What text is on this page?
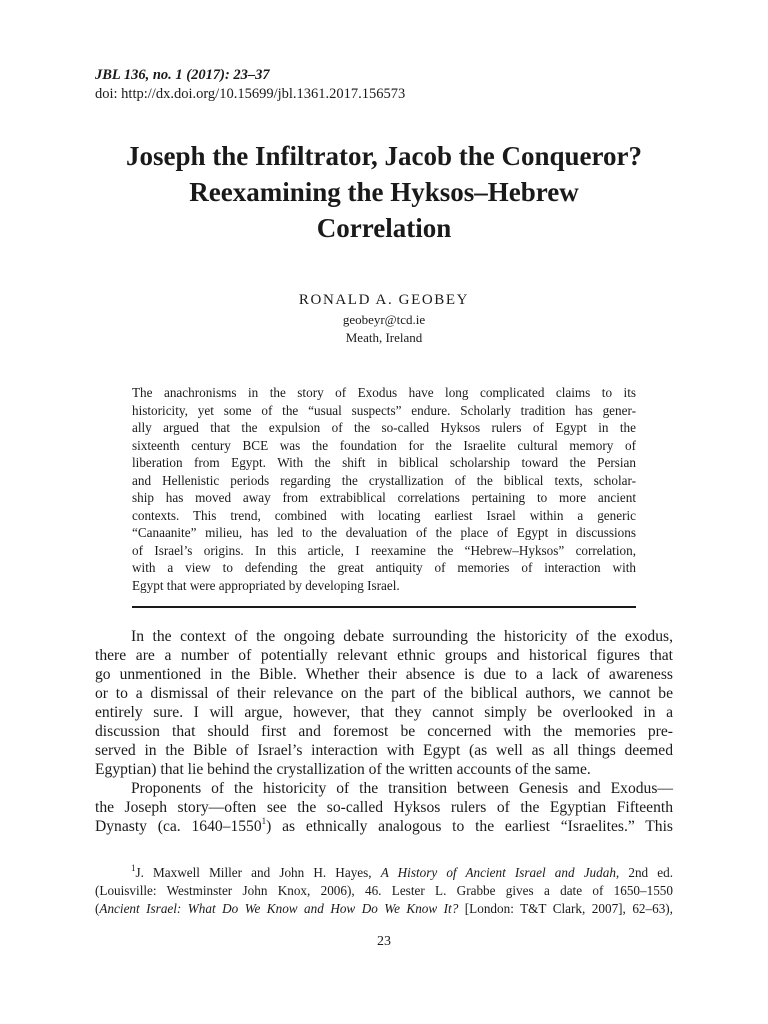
JBL 136, no. 1 (2017): 23–37
doi: http://dx.doi.org/10.15699/jbl.1361.2017.156573
Joseph the Infiltrator, Jacob the Conqueror?
Reexamining the Hyksos–Hebrew
Correlation
RONALD A. GEOBEY
geobeyr@tcd.ie
Meath, Ireland
The anachronisms in the story of Exodus have long complicated claims to its
historicity, yet some of the “usual suspects” endure. Scholarly tradition has gener-
ally argued that the expulsion of the so-called Hyksos rulers of Egypt in the
sixteenth century BCE was the foundation for the Israelite cultural memory of
liberation from Egypt. With the shift in biblical scholarship toward the Persian
and Hellenistic periods regarding the crystallization of the biblical texts, scholar-
ship has moved away from extrabiblical correlations pertaining to more ancient
contexts. This trend, combined with locating earliest Israel within a generic
“Canaanite” milieu, has led to the devaluation of the place of Egypt in discussions
of Israel’s origins. In this article, I reexamine the “Hebrew–Hyksos” correlation,
with a view to defending the great antiquity of memories of interaction with
Egypt that were appropriated by developing Israel.
In the context of the ongoing debate surrounding the historicity of the exodus,
there are a number of potentially relevant ethnic groups and historical figures that
go unmentioned in the Bible. Whether their absence is due to a lack of awareness
or to a dismissal of their relevance on the part of the biblical authors, we cannot be
entirely sure. I will argue, however, that they cannot simply be overlooked in a
discussion that should first and foremost be concerned with the memories pre-
served in the Bible of Israel’s interaction with Egypt (as well as all things deemed
Egyptian) that lie behind the crystallization of the written accounts of the same.
Proponents of the historicity of the transition between Genesis and Exodus—
the Joseph story—often see the so-called Hyksos rulers of the Egyptian Fifteenth
Dynasty (ca. 1640–1550$^1$) as ethnically analogous to the earliest “Israelites.” This
$^1$J. Maxwell Miller and John H. Hayes, A History of Ancient Israel and Judah, 2nd ed.
(Louisville: Westminster John Knox, 2006), 46. Lester L. Grabbe gives a date of 1650–1550
(Ancient Israel: What Do We Know and How Do We Know It? [London: T&T Clark, 2007], 62–63),
23
